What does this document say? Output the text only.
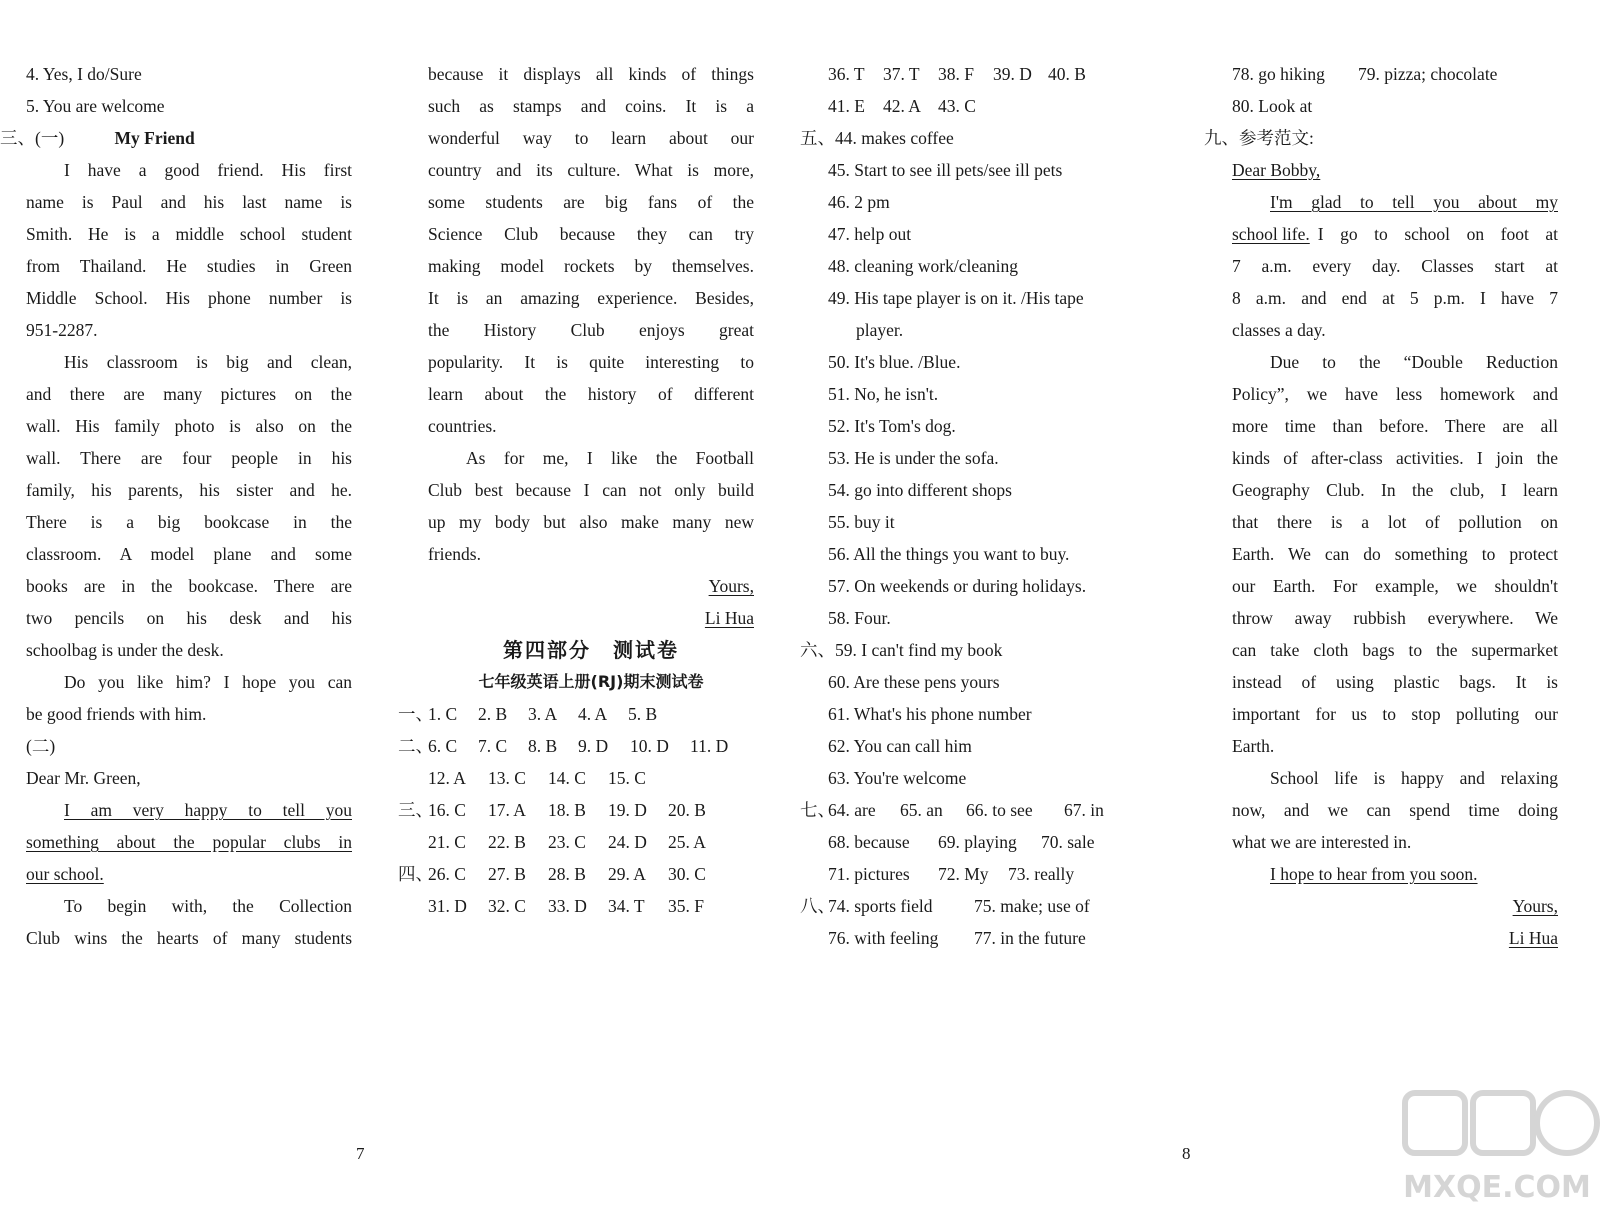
4. Yes, I do/Sure
5. You are welcome
三、(一)	My Friend
I have a good friend. His first
name is Paul and his last name is
Smith. He is a middle school student
from Thailand. He studies in Green
Middle School. His phone number is
951-2287.
His classroom is big and clean,
and there are many pictures on the
wall. His family photo is also on the
wall. There are four people in his
family, his parents, his sister and he.
There is a big bookcase in the
classroom. A model plane and some
books are in the bookcase. There are
two pencils on his desk and his
schoolbag is under the desk.
Do you like him? I hope you can
be good friends with him.
(二)
Dear Mr. Green,
I am very happy to tell you
something about the popular clubs in
our school.
To begin with, the Collection
Club wins the hearts of many students
because it displays all kinds of things
such as stamps and coins. It is a
wonderful way to learn about our
country and its culture. What is more,
some students are big fans of the
Science Club because they can try
making model rockets by themselves.
It is an amazing experience. Besides,
the History Club enjoys great
popularity. It is quite interesting to
learn about the history of different
countries.
As for me, I like the Football
Club best because I can not only build
up my body but also make many new
friends.
Yours,
Li Hua
第四部分　测试卷
七年级英语上册(RJ)期末测试卷
一、
1. C	2. B	3. A	4. A	5. B
二、
6. C	7. C	8. B	9. D	10. D	11. D
12. A	13. C	14. C	15. C
三、
16. C	17. A	18. B	19. D	20. B
21. C	22. B	23. C	24. D	25. A
四、
26. C	27. B	28. B	29. A	30. C
31. D	32. C	33. D	34. T	35. F
36. T	37. T	38. F	39. D 40. B
41. E	42. A 43. C
五、44. makes coffee
45. Start to see ill pets/see ill pets
46. 2 pm
47. help out
48. cleaning work/cleaning
49. His tape player is on it. /His tape
player.
50. It's blue. /Blue.
51. No, he isn't.
52. It's Tom's dog.
53. He is under the sofa.
54. go into different shops
55. buy it
56. All the things you want to buy.
57. On weekends or during holidays.
58. Four.
六、59. I can't find my book
60. Are these pens yours
61. What's his phone number
62. You can call him
63. You're welcome
七、
64. are	65. an	66. to see	67. in
68. because	69. playing	70. sale
71. pictures	72. My	73. really
八、
74. sports field	75. make; use of
76. with feeling	77. in the future
78. go hiking	79. pizza; chocolate
80. Look at
九、参考范文:
Dear Bobby,
I'm glad to tell you about my
school life. I go to school on foot at
7 a.m. every day. Classes start at
8 a.m. and end at 5 p.m. I have 7
classes a day.
Due to the “Double Reduction
Policy”, we have less homework and
more time than before. There are all
kinds of after-class activities. I join the
Geography Club. In the club, I learn
that there is a lot of pollution on
Earth. We can do something to protect
our Earth. For example, we shouldn't
throw away rubbish everywhere. We
can take cloth bags to the supermarket
instead of using plastic bags. It is
important for us to stop polluting our
Earth.
School life is happy and relaxing
now, and we can spend time doing
what we are interested in.
I hope to hear from you soon.
Yours,
Li Hua
7	8
MXQE.COM
